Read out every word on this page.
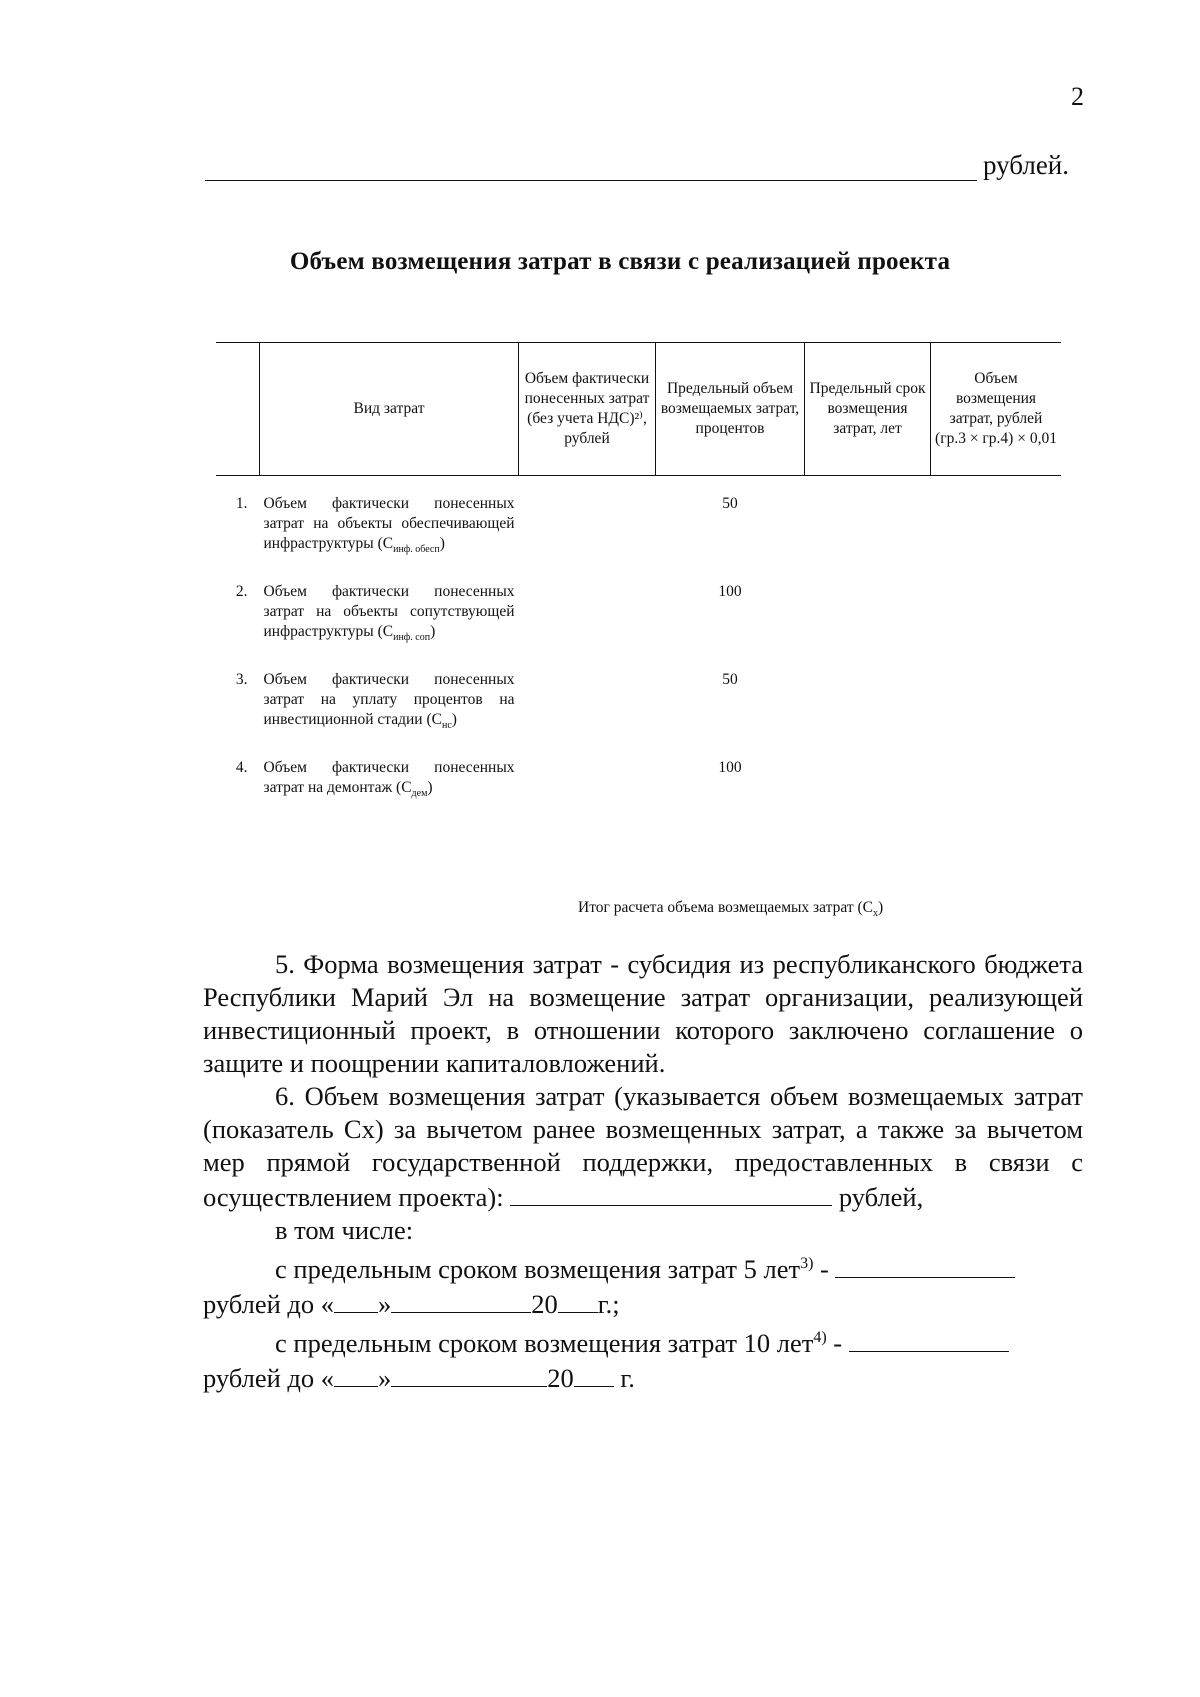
2
рублей.
Объем возмещения затрат в связи с реализацией проекта
	Вид затрат	Объем фактически понесенных затрат (без учета НДС)²⁾, рублей	Предельный объем возмещаемых затрат, процентов	Предельный срок возмещения затрат, лет	Объем возмещения затрат, рублей (гр.3 × гр.4) × 0,01

1.	Объем фактически понесенных затрат на объекты обеспечивающей инфраструктуры $(С_{инф. обесп})$		50		

2.	Объем фактически понесенных затрат на объекты сопутствующей инфраструктуры $(С_{инф. соп})$		100		

3.	Объем фактически понесенных затрат на уплату процентов на инвестиционной стадии $(С_{нс})$		50		

4.	Объем фактически понесенных затрат на демонтаж $(С_{дем})$		100		
Итог расчета объема возмещаемых затрат $(С_х)$

5. Форма возмещения затрат - субсидия из республиканского бюджета Республики Марий Эл на возмещение затрат организации, реализующей инвестиционный проект, в отношении которого заключено соглашение о защите и поощрении капиталовложений.

6. Объем возмещения затрат (указывается объем возмещаемых затрат (показатель Сх) за вычетом ранее возмещенных затрат, а также за вычетом мер прямой государственной поддержки, предоставленных в связи с осуществлением проекта):	рублей,

в том числе:

с предельным сроком возмещения затрат 5 лет$^{3)}$ -

рублей до « »	20 г.;

с предельным сроком возмещения затрат 10 лет$^{4)}$ -

рублей до « »	20 г.
